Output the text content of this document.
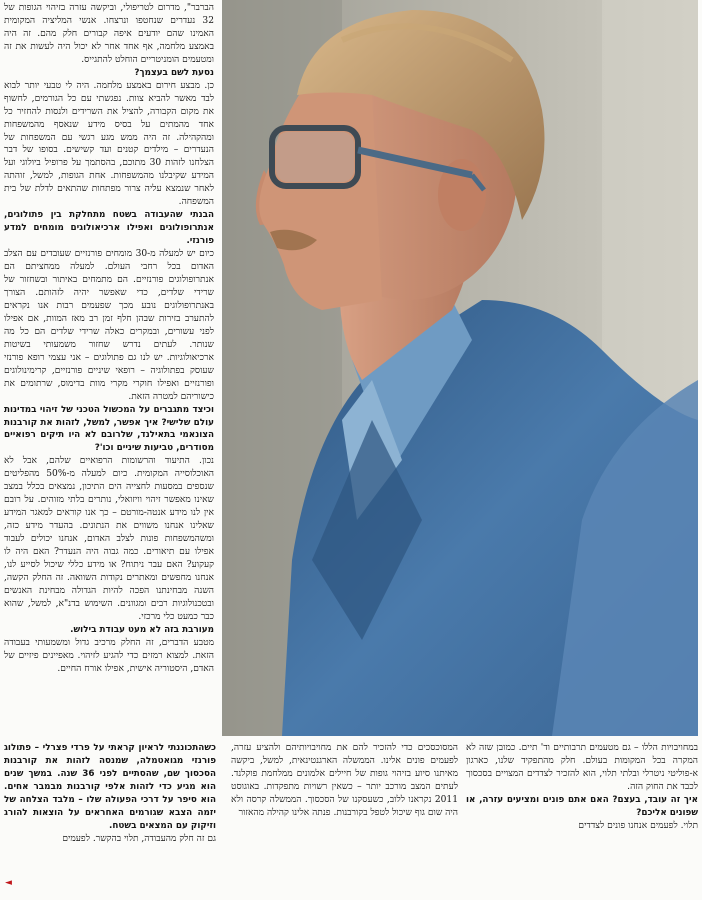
הברבר", מדרום לטריפולי, וביקשה עזרה בזיהוי הגופות של 32 נעדרים שנחטפו ונרצחו. אנשי המליציה המקומית האמינו שהם יודעים איפה קבורים חלק מהם. זה היה באמצע מלחמה, אף אחד אחר לא יכול היה לעשות את זה ומטעמים הומניטריים הוחלט להתגייס.

נסעת לשם בעצמך?

כן. מבצע חירום באמצע מלחמה. היה לי טבעי יותר לבוא לבד מאשר להביא צוות. נפגשתי עם כל הגורמים, לחשוף את מקום הקבורה, להציל את השרידים ולנסות להחזיר כל אחד מהמתים על בסיס מידע שנאסף מהמשפחות ומהקהילה. זה היה ממש מגע רגשי עם המשפחות של הנעדרים – מילדים קטנים ועד קשישים. בסופו של דבר הצלחנו לזהות 30 מתוכם, בהסתמך על פרופיל ביולוגי ועל המידע שקיבלנו מהמשפחות. אחת הגופות, למשל, זוהתה לאחר שנמצא עליה צרור מפתחות שהתאים לדלת של בית המשפחה.

הבנתי שהעבודה בשטח מתחלקת בין פתולוגים, אנתרופולוגים ואפילו ארכיאולוגים מומחים למדע פורנזי.

כיום יש למעלה מ-30 מומחים פורנזיים שעובדים עם הצלב האדום בכל רחבי העולם. למעלה ממחציתם הם אנתרופולוגים פורנזיים. הם מתמחים באיתור ובשחזור של שרידי שלדים, כדי שאפשר יהיה לזהותם. הצורך באנתרופולוגים נובע מכך שפעמים רבות אנו נקראים להתערב בזירות שבהן חלף זמן רב מאז המוות, אם אפילו לפני עשורים, ובמקרים כאלה שרידי שלדים הם כל מה שנותר. לעתים נדרש שחזור משמעותי בשיטות ארכיאולוגיות. יש לנו גם פתולוגים – אני עצמי רופא פורנזי שעוסק בפתולוגיה – רופאי שיניים פורנזיים, קרימינולוגים ופורנזיים ואפילו חוקרי מקרי מוות בדימוס, שרתומים את כישוריהם למטרה הזאת.

וכיצד מתגברים על המכשול הטכני של זיהוי במדינות עולם שלישי? איך אפשר, למשל, לזהות את קורבנות הצונאמי בתאילנד, שלרובם לא היו תיקים רפואיים מסודרים, טביעות שיניים וכו'?

נכון. התיעוד והרשומות הרפואיים שלהם, אבל לא האוכלוסייה המקומית. כיום למעלה מ-50% מהפליטים שנספים במסעות לחצייה הים התיכון, נמצאים בכלל במצב שאינו מאפשר זיהוי וויזואלי, נותרים בלתי מזוהים. על רובם אין לנו מידע אנטה-מורטם – כך אנו קוראים למאגר המידע שאלינו אנחנו משווים את הנתונים. בהעדר מידע כזה, ומשהמשפחות פונות לצלב האדום, אנחנו יכולים לעבוד אפילו עם תיאורים. כמה גבוה היה הנעדר? האם היה לו קעקוע? האם עבר ניתוח? או מידע כללי שיכול לסייע לנו, אנחנו מחפשים ומאתרים נקודות השוואה. זה החלק הקשה, השנה מבחינתנו הפכה להיות הגדולה מבחינת האנשים ובטכנולוגיות רבים ומגוונים. השימוש בדנ"א, למשל, שהוא כבר כמעט כלי מרכזי.

מעורבת בזה לא מעט עבודת בילוש.

מטבע הדברים, זה החלק מרכיב גדול ומשמעותי בעבודה הזאת. למצוא רמזים כדי להגיע לזיהוי. מאפיינים פיזיים של האדם, היסטוריה אישית, אפילו אורח החיים.

כשהתכוננתי לראיון קראתי על פרדי פצרלי – פתולוג פורנזי מגואטמלה, שמנסה לזהות את קורבנות הסכסוך שם, שהסתיים לפני 36 שנה. במשך שנים הוא מגיע כדי לזהות אלפי קורבנות מבמבר אחים. הוא סיפר על דרכי הפעולה שלו – מלבד הצלחה של יזמה הצבא שגורמים האחראים על הוצאות להורג וזיקוק עם המצאים בשטח.

גם זה חלק מהעבודה, תלוי בהקשר. לפעמים

המסוכסכים כדי להזכיר להם את מחויבויותיהם ולהציע עזרה, לפעמים פונים אלינו. הממשלה הארגנטינאית, למשל, ביקשה מאיתנו סיוע בזיהוי גופות של חיילים אלמונים ממלחמת פוקלנד. לעתים המצב מורכב יותר – כשאין רשויות מתפקדות. באוגוסט 2011 נקראנו ללוב, כשעסקנו של הסכסוך. הממשלה קרסה ולא היה שום גוף שיכול לטפל בקורבנות. פנתה אלינו קהילה מהאזור

במחויבויות הללו – גם מטעמים תרבותיים וד' תיים. כמובן שזה לא המקרה בכל המקומות בעולם. חלק מהתפקיד שלנו, כארגון א-פוליטי ניטרלי ובלתי תלוי, הוא להזכיר לצדדים המצויים בסכסוך לכבד את החוק הזה.

איך זה עובד, בעצם? האם אתם פונים ומציעים עזרה, או שפונים אליכם?

תלוי. לפעמים אנחנו פונים לצדדים

◄
